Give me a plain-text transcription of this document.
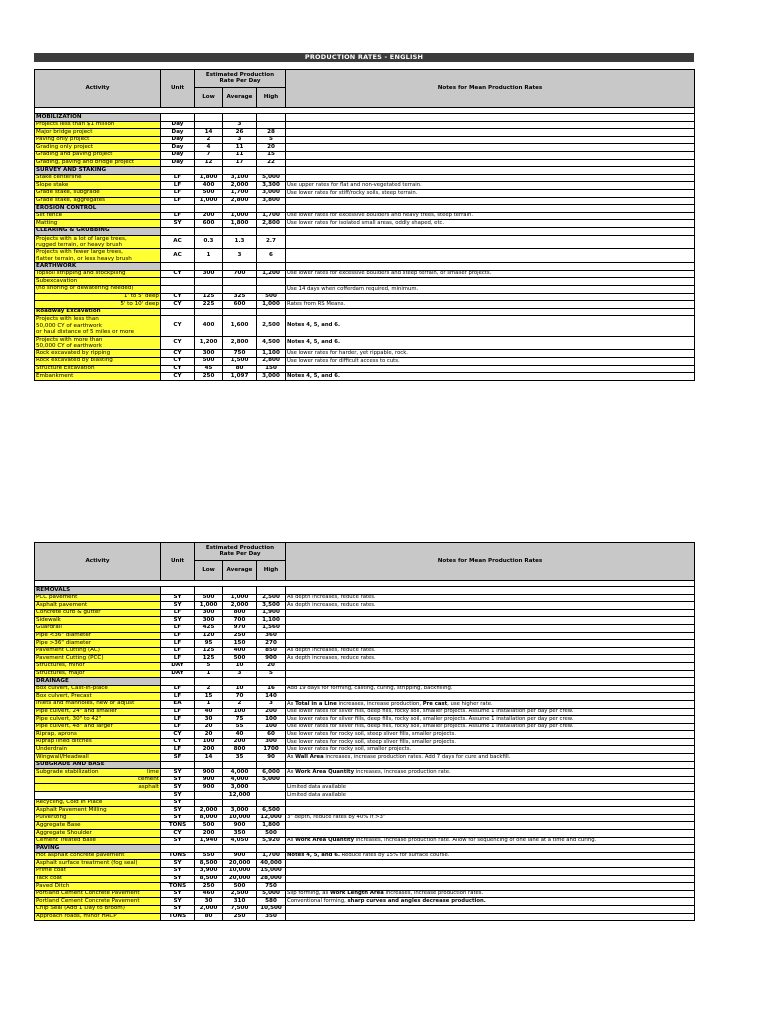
PRODUCTION RATES - ENGLISH
Activity	Unit	Estimated Production Rate Per Day			Notes for Mean Production Rates
		Low	Average	High	

MOBILIZATION					
Projects less than $1 million	Day		3		
Major bridge project	Day	14	26	28	
Paving only project	Day	2	3	5	
Grading only project	Day	4	11	20	
Grading and paving project	Day	7	11	15	
Grading, paving and bridge project	Day	12	17	22	
SURVEY AND STAKING					
Stake centerline	LF	1,800	3,100	5,000	
Slope stake	LF	400	2,000	3,300	Use upper rates for flat and non-vegetated terrain.
Grade stake, subgrade	LF	500	1,700	3,000	Use lower rates for stiff/rocky soils, steep terrain.
Grade stake, aggregates	LF	1,000	2,800	3,800	
EROSION CONTROL					
Silt fence	LF	200	1,000	1,700	Use lower rates for excessive boulders and heavy trees, steep terrain.
Matting	SY	600	1,800	2,800	Use lower rates for isolated small areas, oddly shaped, etc.
CLEARING & GRUBBING					

Projects with a lot of large trees,
rugged terrain, or heavy brush	AC	0.3	1.3	2.7	

Projects with fewer large trees,
flatter terrain, or less heavy brush	AC	1	3	6	
EARTHWORK					
Topsoil stripping and stockpiling	CY	300	700	1,200	Use lower rates for excessive boulders and steep terrain, or smaller projects.
Subexcavation					
(no shoring or dewatering needed)					Use 14 days when cofferdam required, minimum.
1' to 5' deep	CY	125	325	500	
5' to 10' deep	CY	225	600	1,000	Rates from RS Means.
Roadway Excavation					

Projects with less than
50,000 CY of earthwork
or haul distance of 5 miles or more	CY	400	1,600	2,500	Notes 4, 5, and 6.

Projects with more than
50,000 CY of earthwork	CY	1,200	2,800	4,500	Notes 4, 5, and 6.
Rock excavated by ripping	CY	300	750	1,100	Use lower rates for harder, yet rippable, rock.
Rock excavated by blasting	CY	500	1,500	2,800	Use lower rates for difficult access to cuts.
Structure Excavation	CY	45	80	150	
Embankment	CY	250	1,097	3,000	Notes 4, 5, and 6.
Activity	Unit	Estimated Production Rate Per Day			Notes for Mean Production Rates
		Low	Average	High	

REMOVALS					
PCC pavement	SY	500	1,000	2,500	As depth increases, reduce rates.
Asphalt pavement	SY	1,000	2,000	3,500	As depth increases, reduce rates.
Concrete curb & gutter	LF	300	800	1,900	
Sidewalk	SY	300	700	1,100	
Guardrail	LF	425	970	1,560	
Pipe <36" diameter	LF	120	250	360	
Pipe >36" diameter	LF	95	150	270	
Pavement Cutting (AC)	LF	125	400	850	As depth increases, reduce rates.
Pavement Cutting (PCC)	LF	125	500	900	As depth increases, reduce rates.
Structures, minor	DAY	5	10	20	
Structures, major	DAY	1	3	5	
DRAINAGE					
Box culvert, Cast-in-place	LF	2	10	16	Add 19 days for forming, casting, curing, stripping, backfilling.
Box culvert, Precast	LF	15	70	140	
Inlets and manholes, new or adjust	EA	1	2	3	As Total in a Line increases, increase production, Pre cast, use higher rate.
Pipe culvert, 24" and smaller	LF	40	100	200	Use lower rates for silver fills, deep fills, rocky soil, smaller projects. Assume 1 installation per day per crew.
Pipe culvert, 30" to 42"	LF	30	75	100	Use lower rates for silver fills, deep fills, rocky soil, smaller projects. Assume 1 installation per day per crew.
Pipe culvert, 48" and larger	LF	20	55	100	Use lower rates for silver fills, deep fills, rocky soil, smaller projects. Assume 1 installation per day per crew.
Riprap, aprons	CY	20	40	60	Use lower rates for rocky soil, steep sliver fills, smaller projects.
Riprap lined ditches	CY	100	200	300	Use lower rates for rocky soil, steep sliver fills, smaller projects.
Underdrain	LF	200	800	1700	Use lower rates for rocky soil, smaller projects.
Wingwall/Headwall	SF	14	35	90	As Wall Area increases, increase production rates. Add 7 days for cure and backfill.
SUBGRADE AND BASE					

Subgrade stabilization lime	SY	900	4,000	6,000	As Work Area Quantity increases, increase production rate.
cement	SY	900	4,000	5,000	
asphalt	SY	900	3,000		Limited data available
	SY		12,000		Limited data available
Recycling, Cold In Place	SY				
Asphalt Pavement Milling	SY	2,000	3,000	6,500	
Pulverizing	SY	8,000	10,000	12,000	3" depth, reduce rates by 40% if >3"
Aggregate Base	TONS	500	900	1,800	
Aggregate Shoulder	CY	200	350	500	
Cement Treated Base	SY	1,940	4,050	5,920	As Work Area Quantity increases, increase production rate. Allow for sequencing of one lane at a time and curing.
PAVING					
Hot asphalt concrete pavement	TONS	550	900	1,700	Notes 4, 5, and 6. Reduce rates by 15% for surface course.
Asphalt surface treatment (fog seal)	SY	8,500	20,000	40,000	
Prime coat	SY	3,900	10,000	15,000	
Tack coat	SY	8,500	20,000	28,000	
Paved Ditch	TONS	250	500	750	
Portland Cement Concrete Pavement	SY	460	2,500	5,000	Slip forming, as Work Length Area increases, increase production rates.
Portland Cement Concrete Pavement	SY	30	310	580	Conventional forming, sharp curves and angles decrease production.
Chip Seal (Add 1 Day to Broom)	SY	2,000	7,500	10,500	
Approach roads, minor HACP	TONS	80	250	350	
